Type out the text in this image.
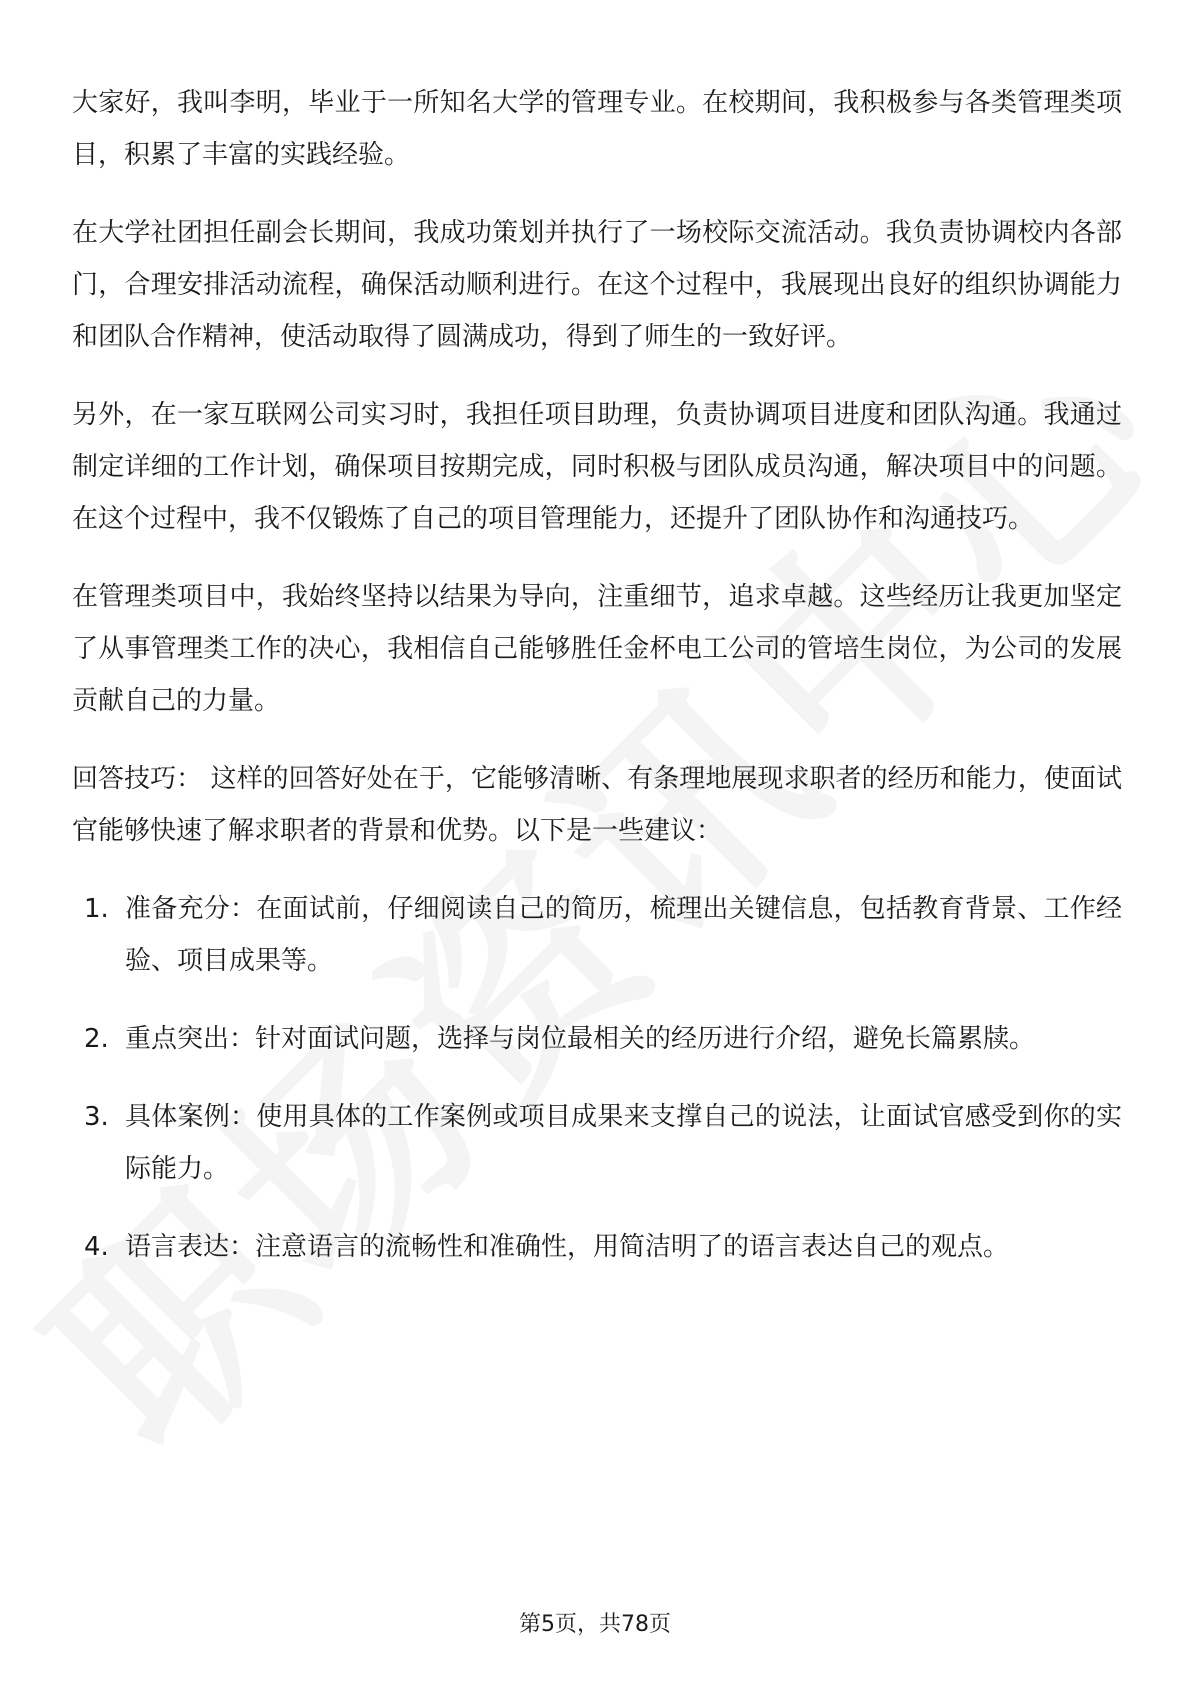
大家好，我叫李明，毕业于一所知名大学的管理专业。在校期间，我积极参与各类管理类项目，积累了丰富的实践经验。

在大学社团担任副会长期间，我成功策划并执行了一场校际交流活动。我负责协调校内各部门，合理安排活动流程，确保活动顺利进行。在这个过程中，我展现出良好的组织协调能力和团队合作精神，使活动取得了圆满成功，得到了师生的一致好评。

另外，在一家互联网公司实习时，我担任项目助理，负责协调项目进度和团队沟通。我通过制定详细的工作计划，确保项目按期完成，同时积极与团队成员沟通，解决项目中的问题。在这个过程中，我不仅锻炼了自己的项目管理能力，还提升了团队协作和沟通技巧。

在管理类项目中，我始终坚持以结果为导向，注重细节，追求卓越。这些经历让我更加坚定了从事管理类工作的决心，我相信自己能够胜任金杯电工公司的管培生岗位，为公司的发展贡献自己的力量。

回答技巧： 这样的回答好处在于，它能够清晰、有条理地展现求职者的经历和能力，使面试官能够快速了解求职者的背景和优势。以下是一些建议：

1. 准备充分：在面试前，仔细阅读自己的简历，梳理出关键信息，包括教育背景、工作经验、项目成果等。
2. 重点突出：针对面试问题，选择与岗位最相关的经历进行介绍，避免长篇累牍。
3. 具体案例：使用具体的工作案例或项目成果来支撑自己的说法，让面试官感受到你的实际能力。
4. 语言表达：注意语言的流畅性和准确性，用简洁明了的语言表达自己的观点。
第5页，共78页
